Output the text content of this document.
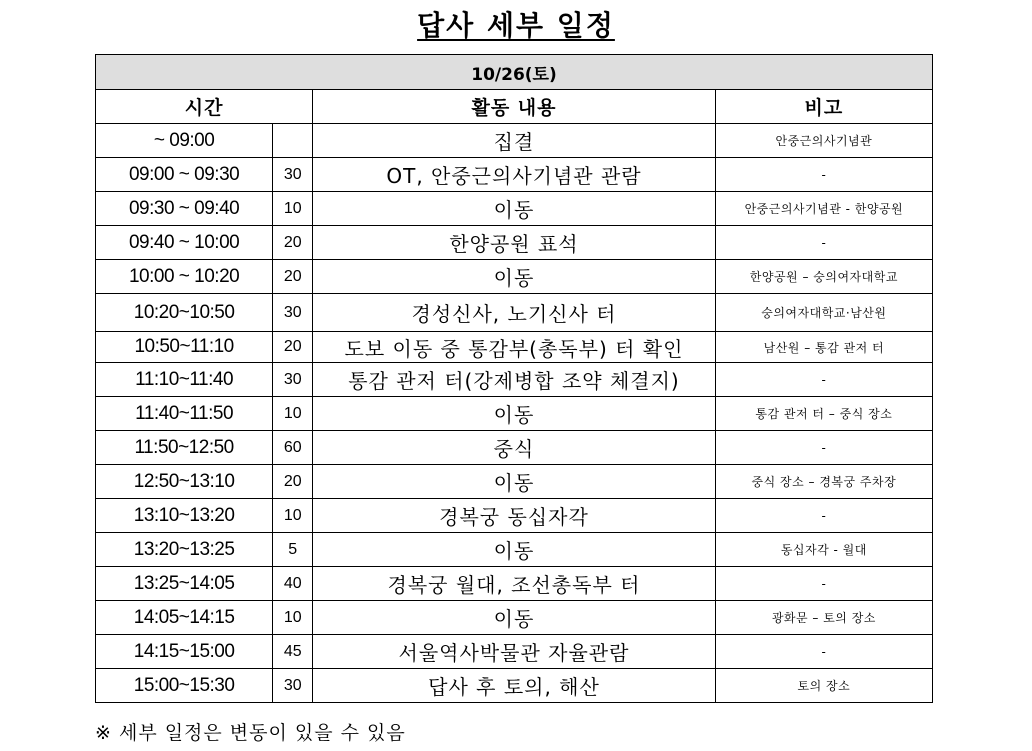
답사 세부 일정
10/26(토)			
시간		활동 내용	비고
~ 09:00		집결	안중근의사기념관
09:00 ~ 09:30	30	OT, 안중근의사기념관 관람	-
09:30 ~ 09:40	10	이동	안중근의사기념관 - 한양공원
09:40 ~ 10:00	20	한양공원 표석	-
10:00 ~ 10:20	20	이동	한양공원 – 숭의여자대학교
10:20~10:50	30	경성신사, 노기신사 터	숭의여자대학교·남산원
10:50~11:10	20	도보 이동 중 통감부(총독부) 터 확인	남산원 – 통감 관저 터
11:10~11:40	30	통감 관저 터(강제병합 조약 체결지)	-
11:40~11:50	10	이동	통감 관저 터 – 중식 장소
11:50~12:50	60	중식	-
12:50~13:10	20	이동	중식 장소 – 경복궁 주차장
13:10~13:20	10	경복궁 동십자각	-
13:20~13:25	5	이동	동십자각 - 월대
13:25~14:05	40	경복궁 월대, 조선총독부 터	-
14:05~14:15	10	이동	광화문 – 토의 장소
14:15~15:00	45	서울역사박물관 자율관람	-
15:00~15:30	30	답사 후 토의, 해산	토의 장소
※ 세부 일정은 변동이 있을 수 있음
